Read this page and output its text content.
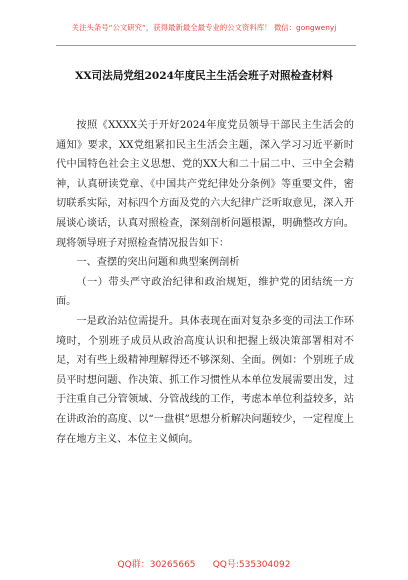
关注头条号“公文研究”，获得最新最全最专业的公文资料库！ 微信：gongwenyj
XX司法局党组2024年度民主生活会班子对照检查材料

按照《XXXX关于开好2024年度党员领导干部民主生活会的通知》要求，XX党组紧扣民主生活会主题，深入学习习近平新时代中国特色社会主义思想、党的XX大和二十届二中、三中全会精神，认真研读党章、《中国共产党纪律处分条例》等重要文件，密切联系实际，对标四个方面及党的六大纪律广泛听取意见，深入开展谈心谈话，认真对照检查，深刻剖析问题根源，明确整改方向。现将领导班子对照检查情况报告如下：

一、查摆的突出问题和典型案例剖析

（一）带头严守政治纪律和政治规矩，维护党的团结统一方面。

一是政治站位需提升。具体表现在面对复杂多变的司法工作环境时，个别班子成员从政治高度认识和把握上级决策部署相对不足，对有些上级精神理解得还不够深刻、全面。例如：个别班子成员平时想问题、作决策、抓工作习惯性从本单位发展需要出发，过于注重自己分管领域、分管战线的工作，考虑本单位利益较多，站在讲政治的高度、以“一盘棋”思想分析解决问题较少，一定程度上存在地方主义、本位主义倾向。

QQ群：30265665      QQ号:535304092
